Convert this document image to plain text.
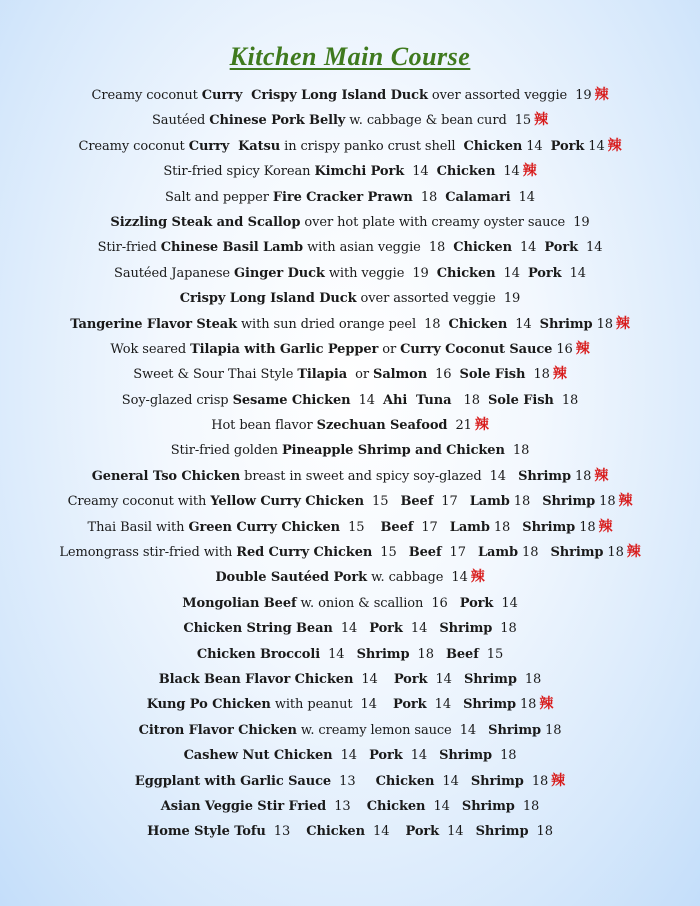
Kitchen Main Course
Creamy coconut Curry  Crispy Long Island Duck over assorted veggie  19 辣
Sautéed Chinese Pork Belly w. cabbage & bean curd  15 辣
Creamy coconut Curry  Katsu in crispy panko crust shell  Chicken 14  Pork 14 辣
Stir-fried spicy Korean Kimchi Pork  14  Chicken  14 辣
Salt and pepper Fire Cracker Prawn  18  Calamari  14
Sizzling Steak and Scallop over hot plate with creamy oyster sauce  19
Stir-fried Chinese Basil Lamb with asian veggie  18  Chicken  14  Pork  14
Sautéed Japanese Ginger Duck with veggie  19  Chicken  14  Pork  14
Crispy Long Island Duck over assorted veggie  19
Tangerine Flavor Steak with sun dried orange peel  18  Chicken  14  Shrimp 18 辣
Wok seared Tilapia with Garlic Pepper or Curry Coconut Sauce 16 辣
Sweet & Sour Thai Style Tilapia  or Salmon  16  Sole Fish  18 辣
Soy-glazed crisp Sesame Chicken  14  Ahi  Tuna   18  Sole Fish  18
Hot bean flavor Szechuan Seafood  21 辣
Stir-fried golden Pineapple Shrimp and Chicken  18
General Tso Chicken breast in sweet and spicy soy-glazed  14   Shrimp 18 辣
Creamy coconut with Yellow Curry Chicken  15   Beef  17   Lamb 18   Shrimp 18 辣
Thai Basil with Green Curry Chicken  15    Beef  17   Lamb 18   Shrimp 18 辣
Lemongrass stir-fried with Red Curry Chicken  15   Beef  17   Lamb 18   Shrimp 18 辣
Double Sautéed Pork w. cabbage  14 辣
Mongolian Beef w. onion & scallion  16   Pork  14
Chicken String Bean  14   Pork  14   Shrimp  18
Chicken Broccoli  14   Shrimp  18   Beef  15
Black Bean Flavor Chicken  14    Pork  14   Shrimp  18
Kung Po Chicken with peanut  14    Pork  14   Shrimp 18 辣
Citron Flavor Chicken w. creamy lemon sauce  14   Shrimp 18
Cashew Nut Chicken  14   Pork  14   Shrimp  18
Eggplant with Garlic Sauce  13     Chicken  14   Shrimp  18 辣
Asian Veggie Stir Fried  13    Chicken  14   Shrimp  18
Home Style Tofu  13    Chicken  14    Pork  14   Shrimp  18
